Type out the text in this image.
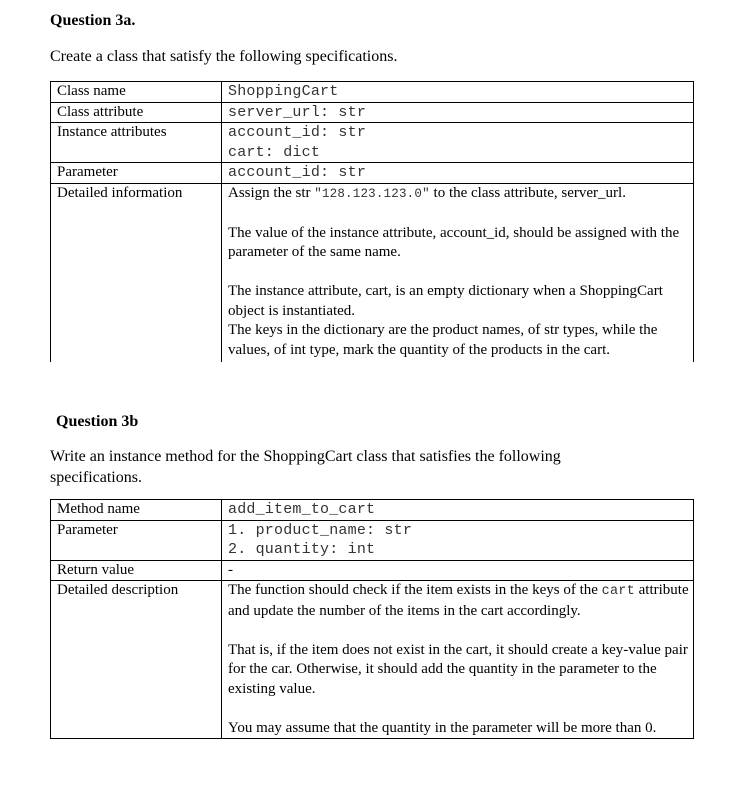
Question 3a.
Create a class that satisfy the following specifications.
Class name	ShoppingCart
Class attribute	server_url: str
Instance attributes	account_id: str
cart: dict

Parameter	account_id: str
Detailed information	Assign the str "128.123.123.0" to the class attribute, server_url.
The value of the instance attribute, account_id, should be assigned with the parameter of the same name.
The instance attribute, cart, is an empty dictionary when a ShoppingCart object is instantiated.
The keys in the dictionary are the product names, of str types, while the values, of int type, mark the quantity of the products in the cart.
Question 3b
Write an instance method for the ShoppingCart class that satisfies the following specifications.
Method name	add_item_to_cart
Parameter	1. product_name: str
2. quantity: int

Return value	-
Detailed description	The function should check if the item exists in the keys of the cart attribute and update the number of the items in the cart accordingly.
That is, if the item does not exist in the cart, it should create a key-value pair for the car. Otherwise, it should add the quantity in the parameter to the existing value.
You may assume that the quantity in the parameter will be more than 0.
